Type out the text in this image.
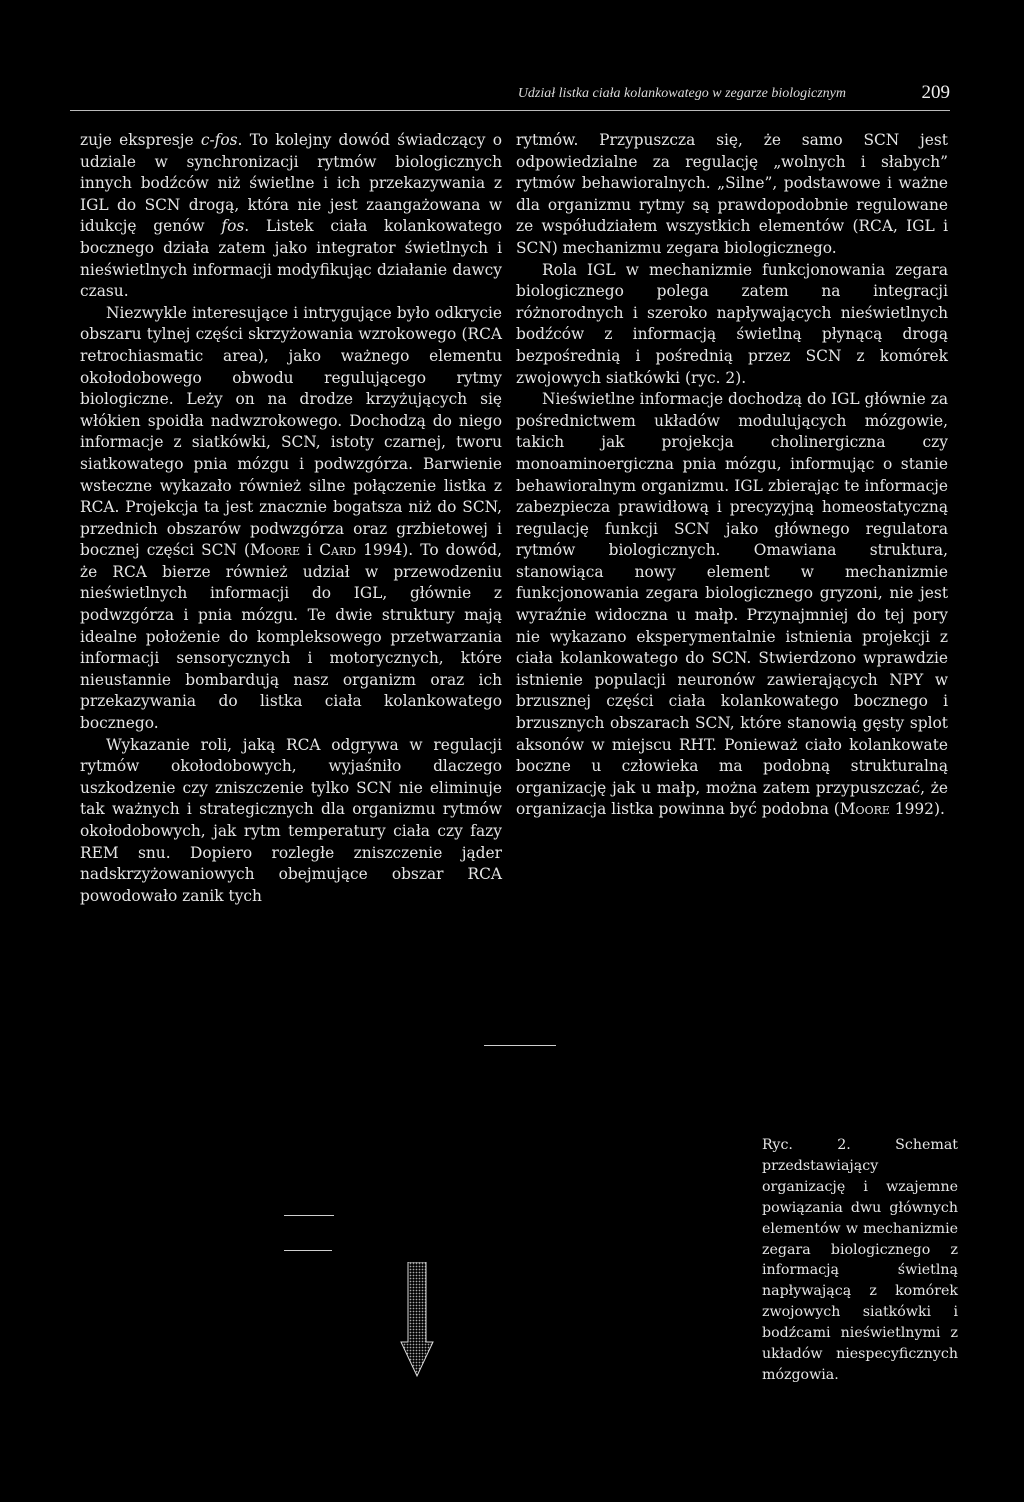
Udział listka ciała kolankowatego w zegarze biologicznym	209

zuje ekspresje c-fos. To kolejny dowód świadczący o udziale w synchronizacji rytmów biologicznych innych bodźców niż świetlne i ich przekazywania z IGL do SCN drogą, która nie jest zaangażowana w idukcję genów fos. Listek ciała kolankowatego bocznego działa zatem jako integrator świetlnych i nieświetlnych informacji modyfikując działanie dawcy czasu.

Niezwykle interesujące i intrygujące było odkrycie obszaru tylnej części skrzyżowania wzrokowego (RCA retrochiasmatic area), jako ważnego elementu okołodobowego obwodu regulującego rytmy biologiczne. Leży on na drodze krzyżujących się włókien spoidła nadwzrokowego. Dochodzą do niego informacje z siatkówki, SCN, istoty czarnej, tworu siatkowatego pnia mózgu i podwzgórza. Barwienie wsteczne wykazało również silne połączenie listka z RCA. Projekcja ta jest znacznie bogatsza niż do SCN, przednich obszarów podwzgórza oraz grzbietowej i bocznej części SCN (Moore i Card 1994). To dowód, że RCA bierze również udział w przewodzeniu nieświetlnych informacji do IGL, głównie z podwzgórza i pnia mózgu. Te dwie struktury mają idealne położenie do kompleksowego przetwarzania informacji sensorycznych i motorycznych, które nieustannie bombardują nasz organizm oraz ich przekazywania do listka ciała kolankowatego bocznego.

Wykazanie roli, jaką RCA odgrywa w regulacji rytmów okołodobowych, wyjaśniło dlaczego uszkodzenie czy zniszczenie tylko SCN nie eliminuje tak ważnych i strategicznych dla organizmu rytmów okołodobowych, jak rytm temperatury ciała czy fazy REM snu. Dopiero rozległe zniszczenie jąder nadskrzyżowaniowych obejmujące obszar RCA powodowało zanik tych

rytmów. Przypuszcza się, że samo SCN jest odpowiedzialne za regulację „wolnych i słabych” rytmów behawioralnych. „Silne”, podstawowe i ważne dla organizmu rytmy są prawdopodobnie regulowane ze współudziałem wszystkich elementów (RCA, IGL i SCN) mechanizmu zegara biologicznego.

Rola IGL w mechanizmie funkcjonowania zegara biologicznego polega zatem na integracji różnorodnych i szeroko napływających nieświetlnych bodźców z informacją świetlną płynącą drogą bezpośrednią i pośrednią przez SCN z komórek zwojowych siatkówki (ryc. 2).

Nieświetlne informacje dochodzą do IGL głównie za pośrednictwem układów modulujących mózgowie, takich jak projekcja cholinergiczna czy monoaminoergiczna pnia mózgu, informując o stanie behawioralnym organizmu. IGL zbierając te informacje zabezpiecza prawidłową i precyzyjną homeostatyczną regulację funkcji SCN jako głównego regulatora rytmów biologicznych. Omawiana struktura, stanowiąca nowy element w mechanizmie funkcjonowania zegara biologicznego gryzoni, nie jest wyraźnie widoczna u małp. Przynajmniej do tej pory nie wykazano eksperymentalnie istnienia projekcji z ciała kolankowatego do SCN. Stwierdzono wprawdzie istnienie populacji neuronów zawierających NPY w brzusznej części ciała kolankowatego bocznego i brzusznych obszarach SCN, które stanowią gęsty splot aksonów w miejscu RHT. Ponieważ ciało kolankowate boczne u człowieka ma podobną strukturalną organizację jak u małp, można zatem przypuszczać, że organizacja listka powinna być podobna (Moore 1992).

Ryc. 2. Schemat przedstawiający organizację i wzajemne powiązania dwu głównych elementów w mechanizmie zegara biologicznego z informacją świetlną napływającą z komórek zwojowych siatkówki i bodźcami nieświetlnymi z układów niespecyficznych mózgowia.
